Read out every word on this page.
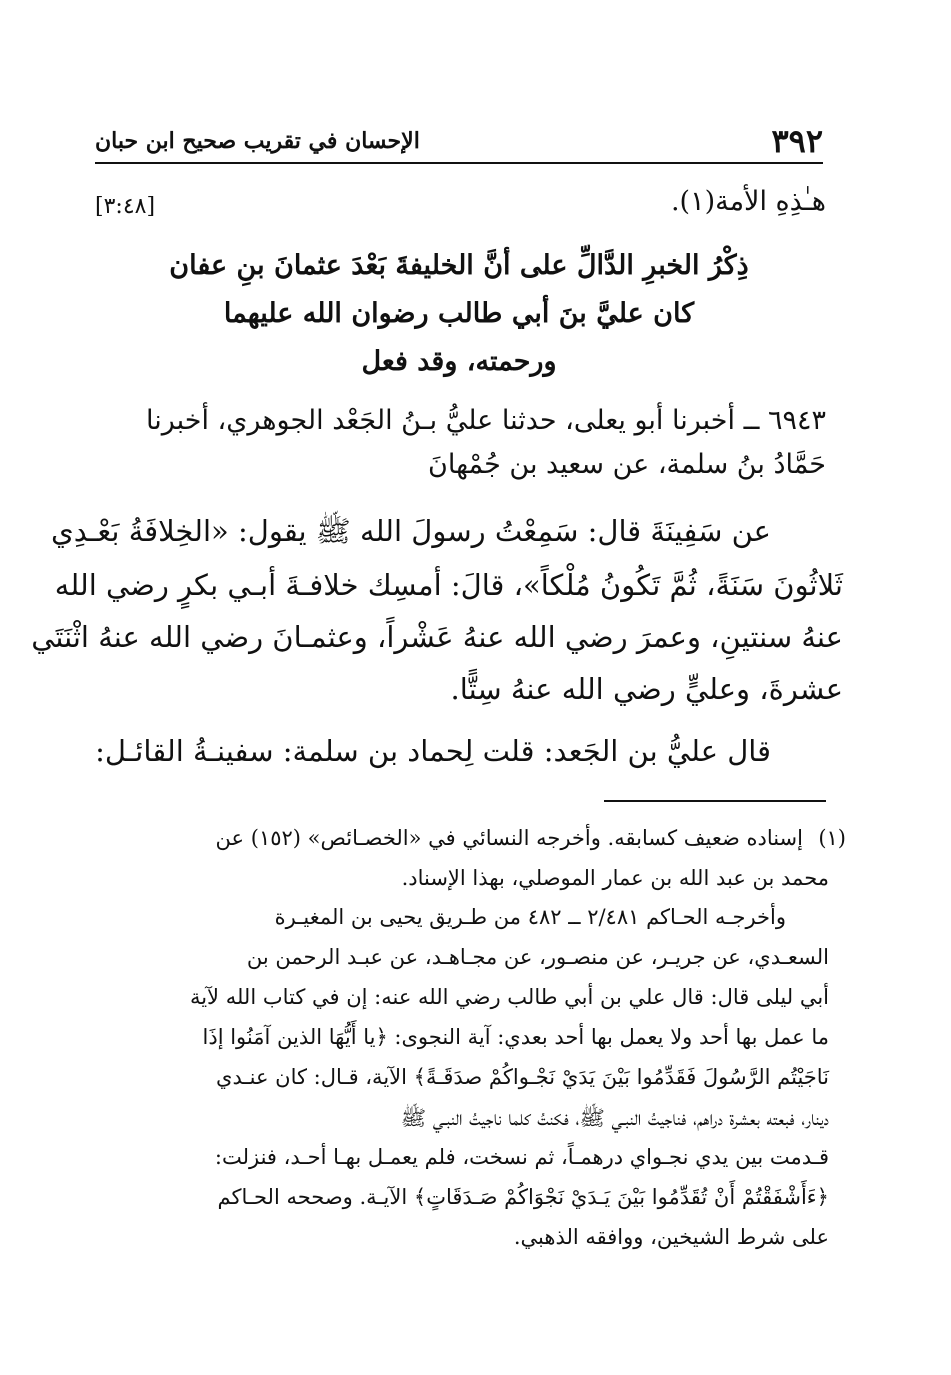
٣٩٢
الإحسان في تقريب صحيح ابن حبان
هـٰذِهِ الأمة(١).
[٣:٤٨]
ذِكْرُ الخبرِ الدَّالِّ على أنَّ الخليفةَ بَعْدَ عثمانَ بنِ عفان
كان عليَّ بنَ أبي طالب رضوان الله عليهما
ورحمته، وقد فعل
٦٩٤٣ ــ أخبرنا أبو يعلى، حدثنا عليُّ بـنُ الجَعْد الجوهري، أخبرنا
حَمَّادُ بنُ سلمة، عن سعيد بن جُمْهانَ
عن سَفِينَةَ قال: سَمِعْتُ رسولَ الله ﷺ يقول: «الخِلافَةُ بَعْـدِي
ثَلاثُونَ سَنَةً، ثُمَّ تَكُونُ مُلْكاً»، قالَ: أمسِك خلافـةَ أبـي بكرٍ رضي الله
عنهُ سنتينِ، وعمرَ رضي الله عنهُ عَشْراً، وعثمـانَ رضي الله عنهُ اثْنَتَي
عشرةَ، وعليٍّ رضي الله عنهُ سِتًّا.
قال عليُّ بن الجَعد: قلت لِحماد بن سلمة: سفينـةُ القائـل:
(١)
إسناده ضعيف كسابقه. وأخرجه النسائي في «الخصـائص» (١٥٢) عن
محمد بن عبد الله بن عمار الموصلي، بهذا الإسناد.
وأخرجـه الحـاكم ٢/٤٨١ ــ ٤٨٢ من طـريق يحيى بن المغيـرة
السعـدي، عن جريـر، عن منصـور، عن مجـاهـد، عن عبـد الرحمن بن
أبي ليلى قال: قال علي بن أبي طالب رضي الله عنه: إن في كتاب الله لآية
ما عمل بها أحد ولا يعمل بها أحد بعدي: آية النجوى: ﴿يا أَيُّهَا الذين آمَنُوا إذَا
نَاجَيْتُم الرَّسُولَ فَقَدِّمُوا بَيْنَ يَدَيْ نَجْـواكُمْ صدَقَـةً﴾ الآية، قـال: كان عنـدي
دينار، فبعته بعشرة دراهم، فناجيتُ النبـي ﷺ، فكنتُ كلما ناجيتُ النبـي ﷺ
قـدمت بين يدي نجـواي درهمـاً، ثم نسخت، فلم يعمـل بهـا أحـد، فنزلت:
﴿ءَأَشْفَقْتُمْ أَنْ تُقَدِّمُوا بَيْنَ يَـدَيْ نَجْوَاكُمْ صَـدَقَاتٍ﴾ الآيـة. وصححه الحـاكم
على شرط الشيخين، ووافقه الذهبي.
